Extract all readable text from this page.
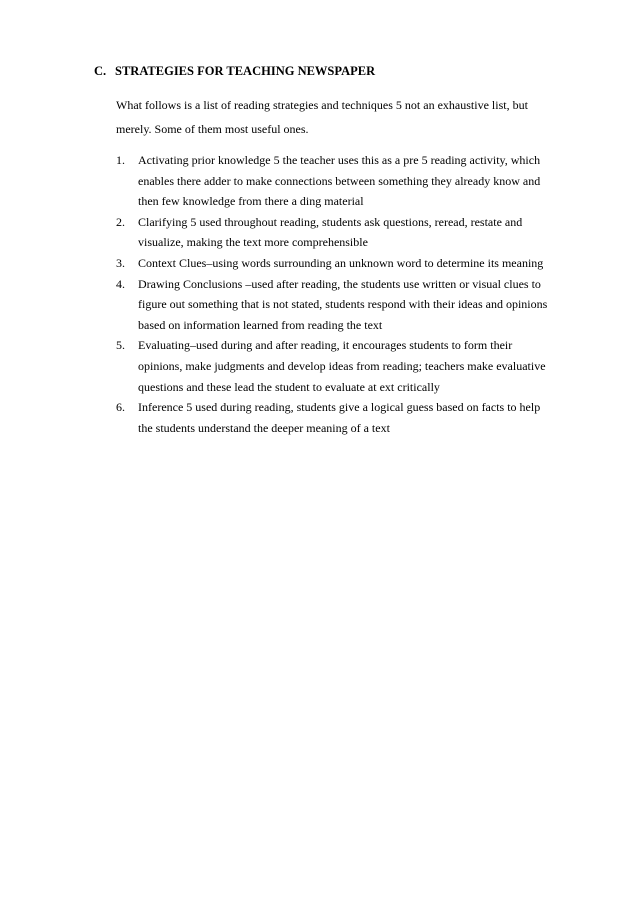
C. STRATEGIES FOR TEACHING NEWSPAPER
What follows is a list of reading strategies and techniques 5 not an exhaustive list, but
merely. Some of them most useful ones.
1. Activating prior knowledge 5 the teacher uses this as a pre 5 reading activity, which
enables there adder to make connections between something they already know and
then few knowledge from there a ding material
2. Clarifying 5 used throughout reading, students ask questions, reread, restate and
visualize, making the text more comprehensible
3. Context Clues–using words surrounding an unknown word to determine its meaning
4. Drawing Conclusions –used after reading, the students use written or visual clues to
figure out something that is not stated, students respond with their ideas and opinions
based on information learned from reading the text
5. Evaluating–used during and after reading, it encourages students to form their
opinions, make judgments and develop ideas from reading; teachers make evaluative
questions and these lead the student to evaluate at ext critically
6. Inference 5 used during reading, students give a logical guess based on facts to help
the students understand the deeper meaning of a text
